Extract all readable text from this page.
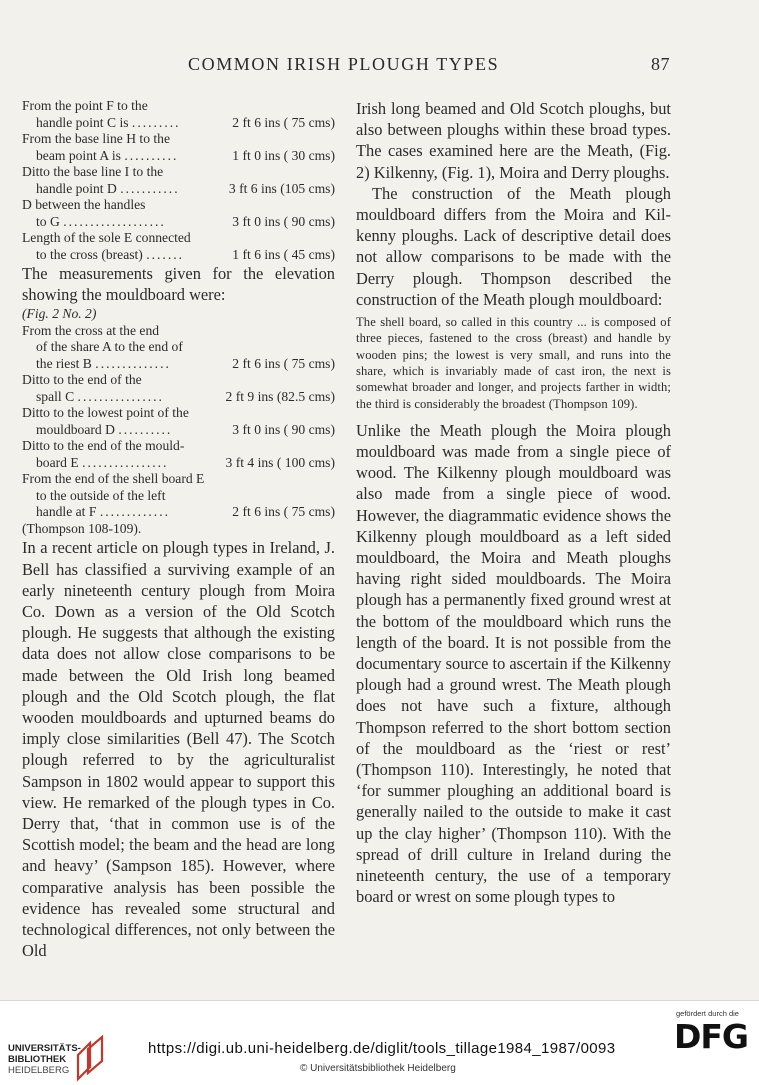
COMMON IRISH PLOUGH TYPES	87
From the point F to the
handle point C is .........	2 ft 6 ins ( 75 cms)
From the base line H to the
beam point A is ..........	1 ft 0 ins ( 30 cms)
Ditto the base line I to the
handle point D ...........	3 ft 6 ins (105 cms)
D between the handles
to G ...................	3 ft 0 ins ( 90 cms)
Length of the sole E connected
to the cross (breast) .......	1 ft 6 ins ( 45 cms)

The measurements given for the elevation showing the mouldboard were:

(Fig. 2 No. 2)
From the cross at the end
of the share A to the end of
the riest B ..............	2 ft 6 ins ( 75 cms)
Ditto to the end of the
spall C ................	2 ft 9 ins (82.5 cms)
Ditto to the lowest point of the
mouldboard D ..........	3 ft 0 ins ( 90 cms)
Ditto to the end of the mould-
board E ................	3 ft 4 ins ( 100 cms)
From the end of the shell board E
to the outside of the left
handle at F .............	2 ft 6 ins ( 75 cms)
(Thompson 108-109).

In a recent article on plough types in Ireland, J. Bell has classified a surviving example of an early nineteenth century plough from Moira Co. Down as a version of the Old Scotch plough. He suggests that although the existing data does not allow close comparisons to be made between the Old Irish long beamed plough and the Old Scotch plough, the flat wooden mouldboards and upturned beams do imply close similarities (Bell 47). The Scotch plough referred to by the agriculturalist Sampson in 1802 would appear to support this view. He remarked of the plough types in Co. Derry that, ‘that in common use is of the Scottish model; the beam and the head are long and heavy’ (Sampson 185). However, where comparative analysis has been possible the evidence has revealed some structural and technological differences, not only between the Old

Irish long beamed and Old Scotch ploughs, but also between ploughs within these broad types. The cases examined here are the Meath, (Fig. 2) Kilkenny, (Fig. 1), Moira and Derry ploughs.

The construction of the Meath plough mouldboard differs from the Moira and Kilkenny ploughs. Lack of descriptive detail does not allow comparisons to be made with the Derry plough. Thompson described the construction of the Meath plough mouldboard:

The shell board, so called in this country ... is composed of three pieces, fastened to the cross (breast) and handle by wooden pins; the lowest is very small, and runs into the share, which is invariably made of cast iron, the next is somewhat broader and longer, and projects farther in width; the third is considerably the broadest (Thompson 109).

Unlike the Meath plough the Moira plough mouldboard was made from a single piece of wood. The Kilkenny plough mouldboard was also made from a single piece of wood. However, the diagrammatic evidence shows the Kilkenny plough mouldboard as a left sided mouldboard, the Moira and Meath ploughs having right sided mouldboards. The Moira plough has a permanently fixed ground wrest at the bottom of the mouldboard which runs the length of the board. It is not possible from the documentary source to ascertain if the Kilkenny plough had a ground wrest. The Meath plough does not have such a fixture, although Thompson referred to the short bottom section of the mouldboard as the ‘riest or rest’ (Thompson 110). Interestingly, he noted that ‘for summer ploughing an additional board is generally nailed to the outside to make it cast up the clay higher’ (Thompson 110). With the spread of drill culture in Ireland during the nineteenth century, the use of a temporary board or wrest on some plough types to

UNIVERSITÄTS-
BIBLIOTHEK
HEIDELBERG
https://digi.ub.uni-heidelberg.de/diglit/tools_tillage1984_1987/0093
© Universitätsbibliothek Heidelberg
gefördert durch die
DFG
